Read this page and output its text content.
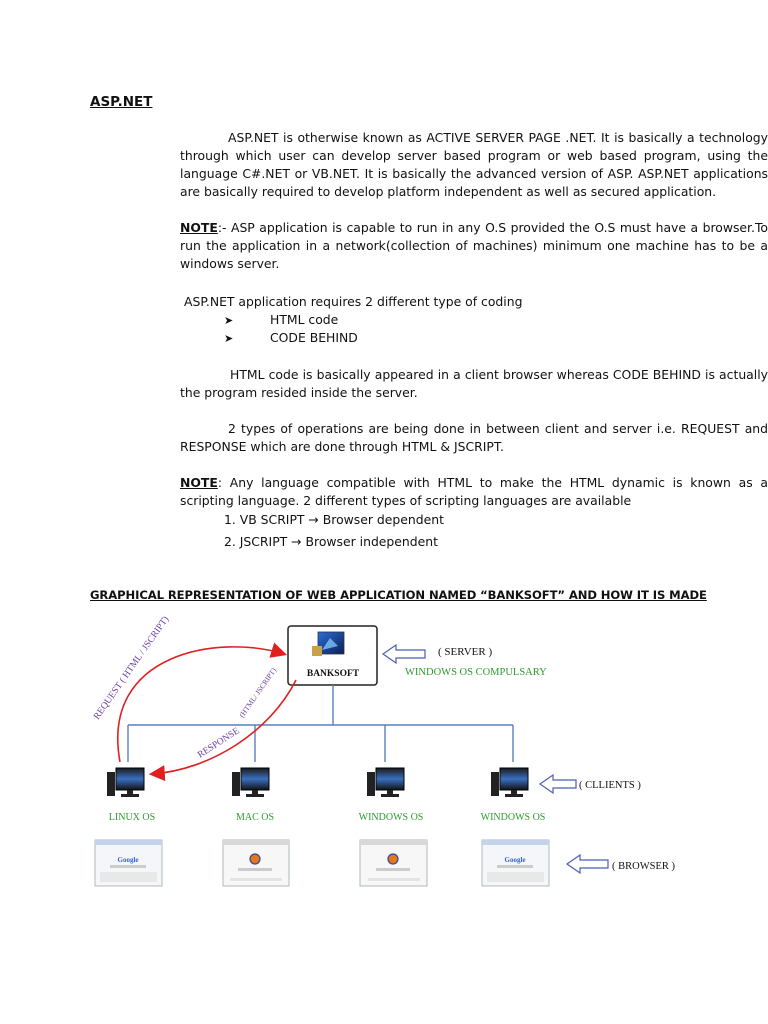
ASP.NET

ASP.NET is otherwise known as ACTIVE SERVER PAGE .NET. It is basically a technology through which user can develop server based program or web based program, using the language C#.NET or VB.NET. It is basically the advanced version of ASP. ASP.NET applications are basically required to develop platform independent as well as secured application.

NOTE:- ASP application is capable to run in any O.S provided the O.S must have a browser.To run the application in a network(collection of machines) minimum one machine has to be a windows server.

ASP.NET application requires 2 different type of coding

➤	HTML code
➤	CODE BEHIND

HTML code is basically appeared in a client browser whereas CODE BEHIND is actually the program resided inside the server.

2 types of operations are being done in between client and server i.e. REQUEST and RESPONSE which are done through HTML & JSCRIPT.

NOTE: Any language compatible with HTML to make the HTML dynamic is known as a scripting language. 2 different types of scripting languages are available

1. VB SCRIPT → Browser dependent
2. JSCRIPT → Browser independent
GRAPHICAL REPRESENTATION OF WEB APPLICATION NAMED “BANKSOFT” AND HOW IT IS MADE
BANKSOFT
( SERVER )
WINDOWS OS COMPULSARY
REQUEST ( HTML / JSCRIPT)
RESPONSE
(HTML/ JSCRIPT)
LINUX OS	MAC OS	WINDOWS OS	WINDOWS OS
( CLLIENTS )
Google	Google
( BROWSER )
